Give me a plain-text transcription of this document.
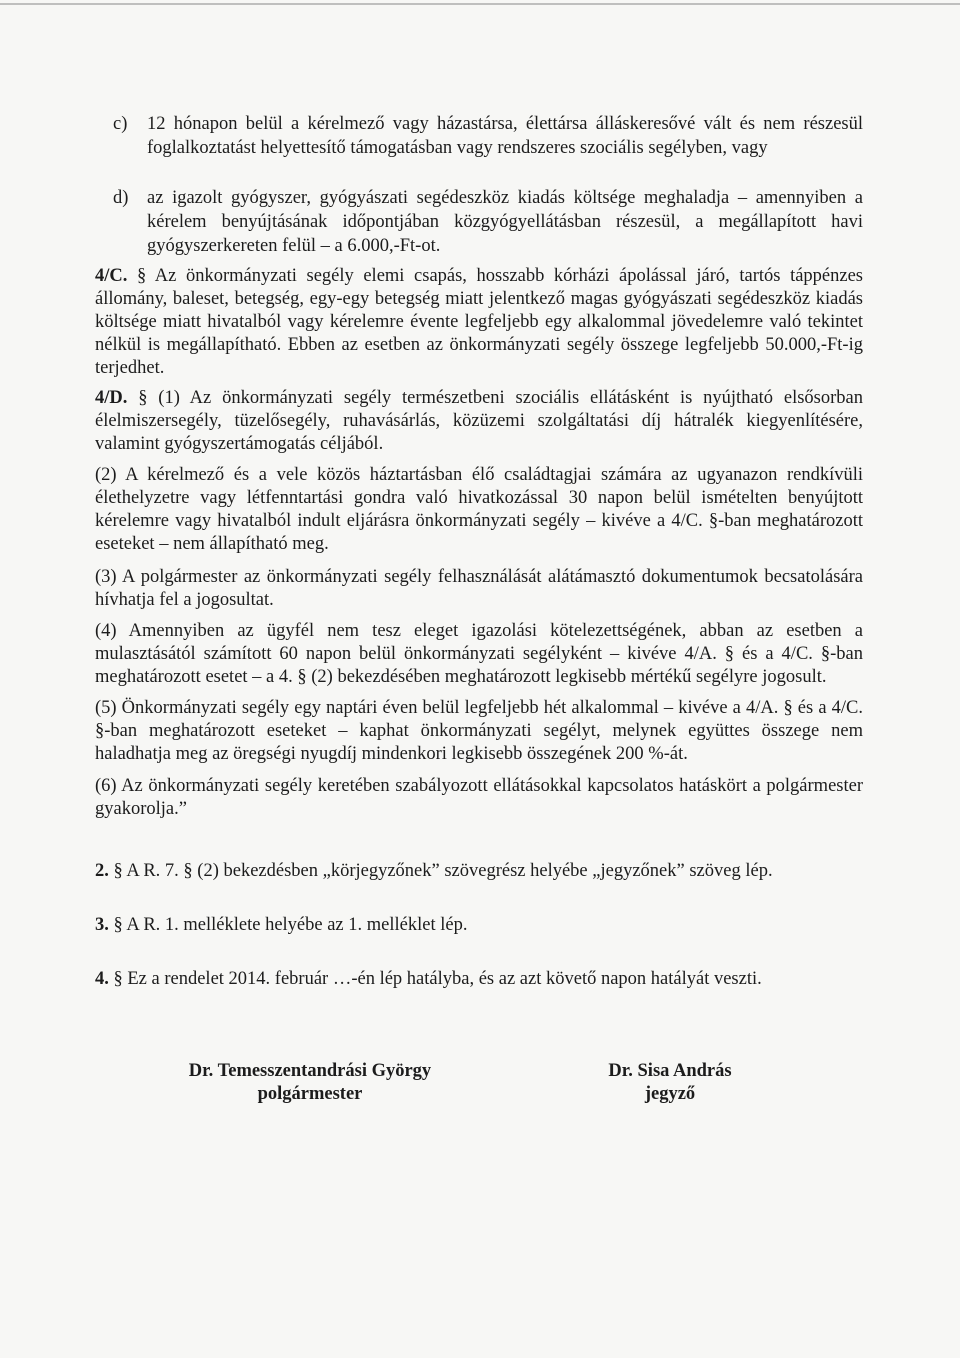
c) 12 hónapon belül a kérelmező vagy házastársa, élettársa álláskeresővé vált és nem részesül foglalkoztatást helyettesítő támogatásban vagy rendszeres szociális segélyben, vagy

d) az igazolt gyógyszer, gyógyászati segédeszköz kiadás költsége meghaladja – amennyiben a kérelem benyújtásának időpontjában közgyógyellátásban részesül, a megállapított havi gyógyszerkereten felül – a 6.000,-Ft-ot.

4/C. § Az önkormányzati segély elemi csapás, hosszabb kórházi ápolással járó, tartós táppénzes állomány, baleset, betegség, egy-egy betegség miatt jelentkező magas gyógyászati segédeszköz kiadás költsége miatt hivatalból vagy kérelemre évente legfeljebb egy alkalommal jövedelemre való tekintet nélkül is megállapítható. Ebben az esetben az önkormányzati segély összege legfeljebb 50.000,-Ft-ig terjedhet.

4/D. § (1) Az önkormányzati segély természetbeni szociális ellátásként is nyújtható elsősorban élelmiszersegély, tüzelősegély, ruhavásárlás, közüzemi szolgáltatási díj hátralék kiegyenlítésére, valamint gyógyszertámogatás céljából.

(2) A kérelmező és a vele közös háztartásban élő családtagjai számára az ugyanazon rendkívüli élethelyzetre vagy létfenntartási gondra való hivatkozással 30 napon belül ismételten benyújtott kérelemre vagy hivatalból indult eljárásra önkormányzati segély – kivéve a 4/C. §-ban meghatározott eseteket – nem állapítható meg.

(3) A polgármester az önkormányzati segély felhasználását alátámasztó dokumentumok becsatolására hívhatja fel a jogosultat.

(4) Amennyiben az ügyfél nem tesz eleget igazolási kötelezettségének, abban az esetben a mulasztásától számított 60 napon belül önkormányzati segélyként – kivéve 4/A. § és a 4/C. §-ban meghatározott esetet – a 4. § (2) bekezdésében meghatározott legkisebb mértékű segélyre jogosult.

(5) Önkormányzati segély egy naptári éven belül legfeljebb hét alkalommal – kivéve a 4/A. § és a 4/C. §-ban meghatározott eseteket – kaphat önkormányzati segélyt, melynek együttes összege nem haladhatja meg az öregségi nyugdíj mindenkori legkisebb összegének 200 %-át.

(6) Az önkormányzati segély keretében szabályozott ellátásokkal kapcsolatos hatáskört a polgármester gyakorolja.”

2. § A R. 7. § (2) bekezdésben „körjegyzőnek” szövegrész helyébe „jegyzőnek” szöveg lép.

3. § A R. 1. melléklete helyébe az 1. melléklet lép.

4. § Ez a rendelet 2014. február …-én lép hatályba, és az azt követő napon hatályát veszti.

Dr. Temesszentandrási György
polgármester
Dr. Sisa András
jegyző
